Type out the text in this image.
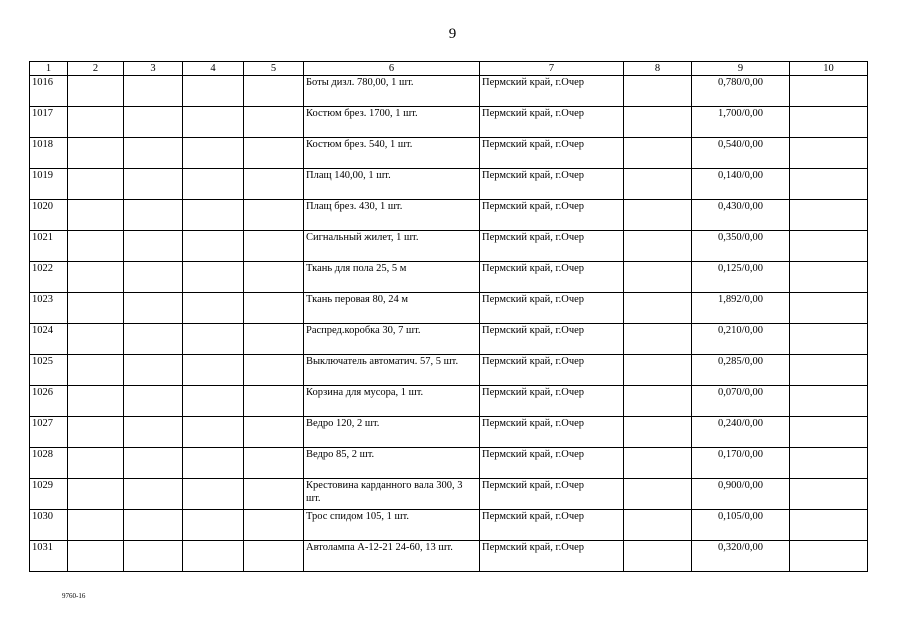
9
1	2	3	4	5	6	7	8	9	10
1016					Боты дизл. 780,00, 1 шт.	Пермский край, г.Очер		0,780/0,00	
1017					Костюм брез. 1700, 1 шт.	Пермский край, г.Очер		1,700/0,00	
1018					Костюм брез. 540, 1 шт.	Пермский край, г.Очер		0,540/0,00	
1019					Плащ 140,00, 1 шт.	Пермский край, г.Очер		0,140/0,00	
1020					Плащ брез. 430, 1 шт.	Пермский край, г.Очер		0,430/0,00	
1021					Сигнальный жилет, 1 шт.	Пермский край, г.Очер		0,350/0,00	
1022					Ткань для пола 25, 5 м	Пермский край, г.Очер		0,125/0,00	
1023					Ткань перовая 80, 24 м	Пермский край, г.Очер		1,892/0,00	
1024					Распред.коробка 30, 7 шт.	Пермский край, г.Очер		0,210/0,00	
1025					Выключатель автоматич. 57, 5 шт.	Пермский край, г.Очер		0,285/0,00	
1026					Корзина для мусора, 1 шт.	Пермский край, г.Очер		0,070/0,00	
1027					Ведро 120, 2 шт.	Пермский край, г.Очер		0,240/0,00	
1028					Ведро 85, 2 шт.	Пермский край, г.Очер		0,170/0,00	
1029					Крестовина карданного вала 300, 3 шт.	Пермский край, г.Очер		0,900/0,00	
1030					Трос спидом 105, 1 шт.	Пермский край, г.Очер		0,105/0,00	
1031					Автолампа А-12-21 24-60, 13 шт.	Пермский край, г.Очер		0,320/0,00	
9760-16
